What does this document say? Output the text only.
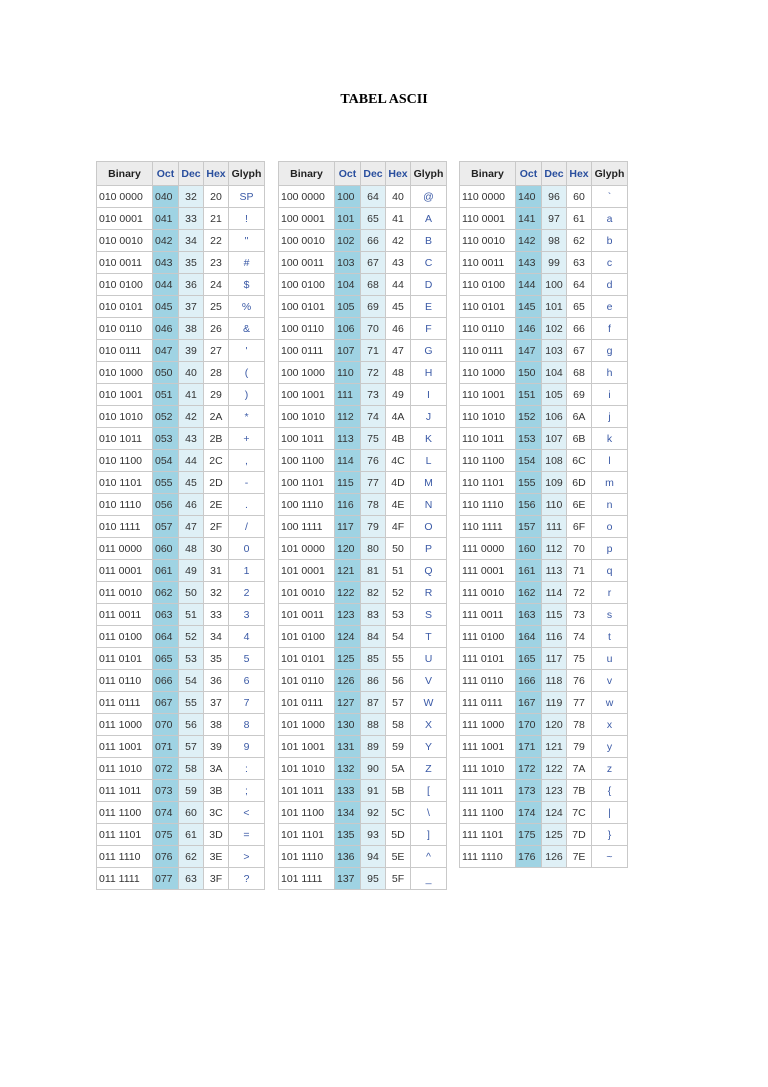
TABEL ASCII
Binary	Oct	Dec	Hex	Glyph
010 0000	040	32	20	SP
010 0001	041	33	21	!
010 0010	042	34	22	"
010 0011	043	35	23	#
010 0100	044	36	24	$
010 0101	045	37	25	%
010 0110	046	38	26	&
010 0111	047	39	27	'
010 1000	050	40	28	(
010 1001	051	41	29	)
010 1010	052	42	2A	*
010 1011	053	43	2B	+
010 1100	054	44	2C	,
010 1101	055	45	2D	-
010 1110	056	46	2E	.
010 1111	057	47	2F	/
011 0000	060	48	30	0
011 0001	061	49	31	1
011 0010	062	50	32	2
011 0011	063	51	33	3
011 0100	064	52	34	4
011 0101	065	53	35	5
011 0110	066	54	36	6
011 0111	067	55	37	7
011 1000	070	56	38	8
011 1001	071	57	39	9
011 1010	072	58	3A	:
011 1011	073	59	3B	;
011 1100	074	60	3C	<
011 1101	075	61	3D	=
011 1110	076	62	3E	>
011 1111	077	63	3F	?
Binary	Oct	Dec	Hex	Glyph
100 0000	100	64	40	@
100 0001	101	65	41	A
100 0010	102	66	42	B
100 0011	103	67	43	C
100 0100	104	68	44	D
100 0101	105	69	45	E
100 0110	106	70	46	F
100 0111	107	71	47	G
100 1000	110	72	48	H
100 1001	111	73	49	I
100 1010	112	74	4A	J
100 1011	113	75	4B	K
100 1100	114	76	4C	L
100 1101	115	77	4D	M
100 1110	116	78	4E	N
100 1111	117	79	4F	O
101 0000	120	80	50	P
101 0001	121	81	51	Q
101 0010	122	82	52	R
101 0011	123	83	53	S
101 0100	124	84	54	T
101 0101	125	85	55	U
101 0110	126	86	56	V
101 0111	127	87	57	W
101 1000	130	88	58	X
101 1001	131	89	59	Y
101 1010	132	90	5A	Z
101 1011	133	91	5B	[
101 1100	134	92	5C	\
101 1101	135	93	5D	]
101 1110	136	94	5E	^
101 1111	137	95	5F	_
Binary	Oct	Dec	Hex	Glyph
110 0000	140	96	60	`
110 0001	141	97	61	a
110 0010	142	98	62	b
110 0011	143	99	63	c
110 0100	144	100	64	d
110 0101	145	101	65	e
110 0110	146	102	66	f
110 0111	147	103	67	g
110 1000	150	104	68	h
110 1001	151	105	69	i
110 1010	152	106	6A	j
110 1011	153	107	6B	k
110 1100	154	108	6C	l
110 1101	155	109	6D	m
110 1110	156	110	6E	n
110 1111	157	111	6F	o
111 0000	160	112	70	p
111 0001	161	113	71	q
111 0010	162	114	72	r
111 0011	163	115	73	s
111 0100	164	116	74	t
111 0101	165	117	75	u
111 0110	166	118	76	v
111 0111	167	119	77	w
111 1000	170	120	78	x
111 1001	171	121	79	y
111 1010	172	122	7A	z
111 1011	173	123	7B	{
111 1100	174	124	7C	|
111 1101	175	125	7D	}
111 1110	176	126	7E	~
